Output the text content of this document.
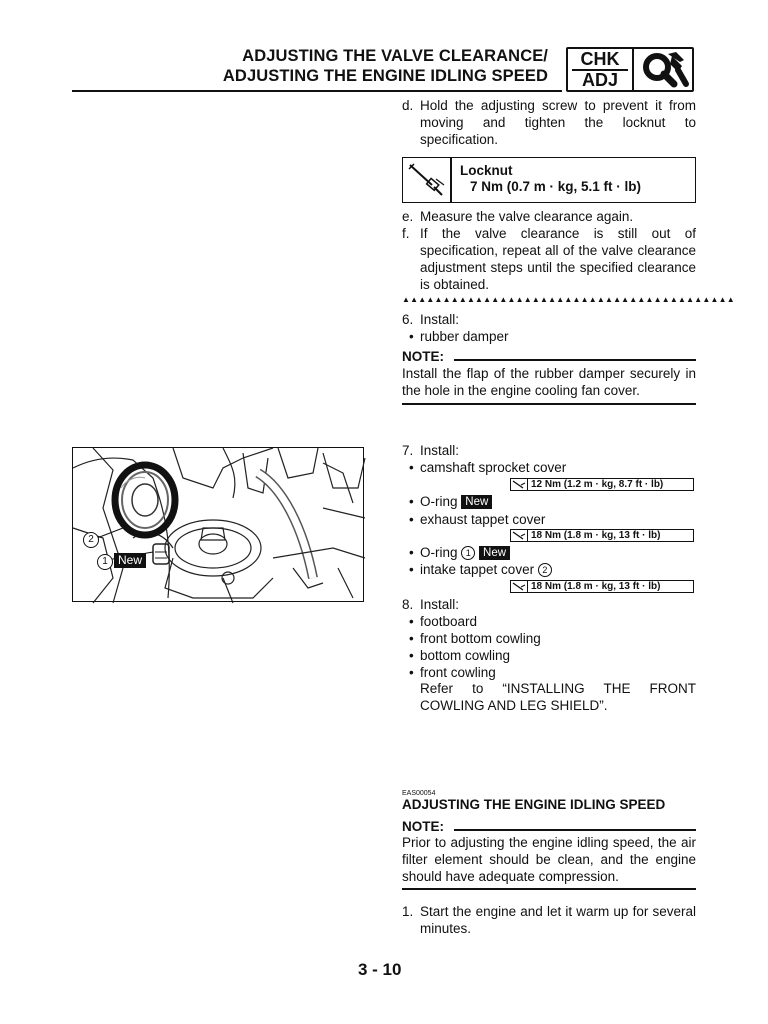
ADJUSTING THE VALVE CLEARANCE/
ADJUSTING THE ENGINE IDLING SPEED
CHK
ADJ
d. Hold the adjusting screw to prevent it from moving and tighten the locknut to specification.
Locknut
7 Nm (0.7 m · kg, 5.1 ft · lb)
e. Measure the valve clearance again.
f. If the valve clearance is still out of specification, repeat all of the valve clearance adjustment steps until the specified clearance is obtained.
▲▲▲▲▲▲▲▲▲▲▲▲▲▲▲▲▲▲▲▲▲▲▲▲▲▲▲▲▲▲▲▲▲▲▲▲▲▲▲▲▲
6. Install:
• rubber damper
NOTE:
Install the flap of the rubber damper securely in the hole in the engine cooling fan cover.
2
1 New
7. Install:
• camshaft sprocket cover
12 Nm (1.2 m · kg, 8.7 ft · lb)
• O-ring New
• exhaust tappet cover
18 Nm (1.8 m · kg, 13 ft · lb)
• O-ring 1 New
• intake tappet cover 2
18 Nm (1.8 m · kg, 13 ft · lb)
8. Install:
• footboard
• front bottom cowling
• bottom cowling
• front cowling
Refer to “INSTALLING THE FRONT COWLING AND LEG SHIELD”.
EAS00054
ADJUSTING THE ENGINE IDLING SPEED
NOTE:
Prior to adjusting the engine idling speed, the air filter element should be clean, and the engine should have adequate compression.
1. Start the engine and let it warm up for several minutes.
3 - 10
